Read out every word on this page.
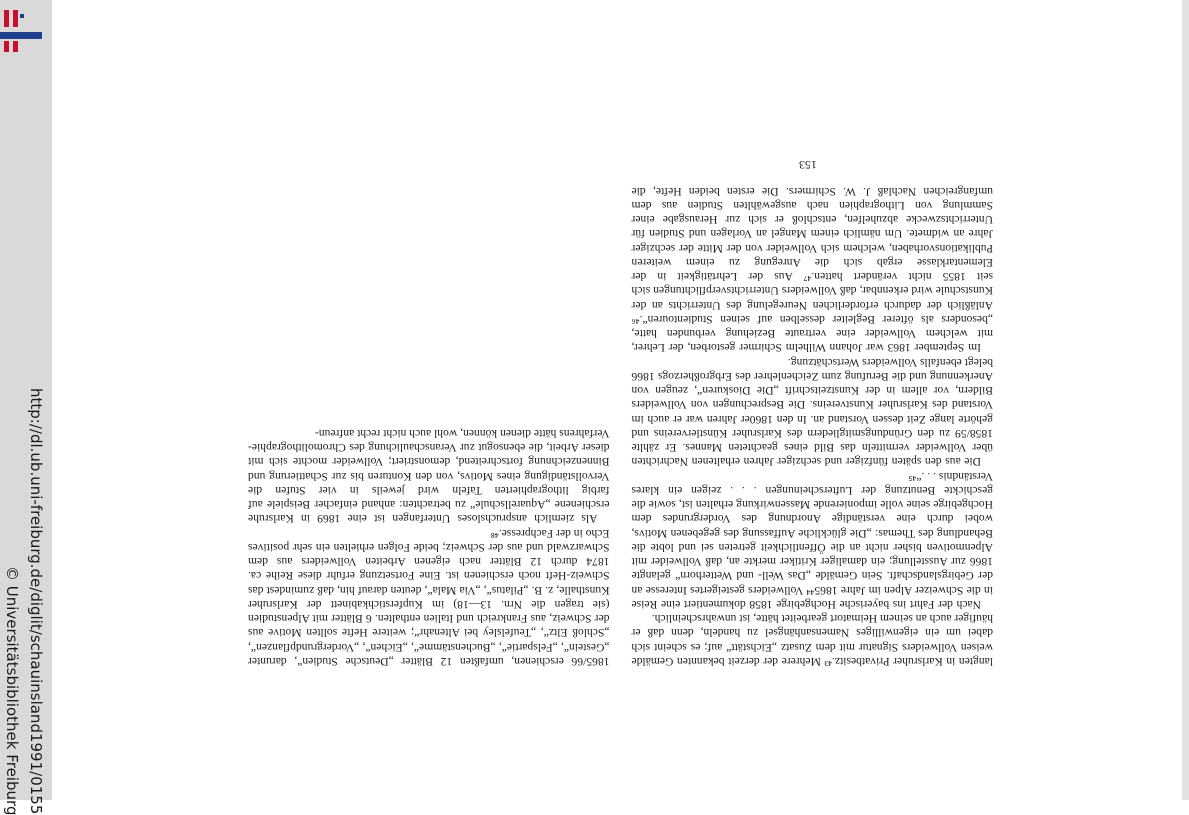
http://dl.ub.uni-freiburg.de/diglit/schauinsland1991/0155
© Universitätsbibliothek Freiburg	langten in Karlsruher Privatbesitz.⁴³ Mehrere der derzeit bekannten Gemälde weisen Vollweiders Signatur mit dem Zusatz „Eichstätt“ auf; es scheint sich dabei um ein eigenwilliges Namensanhängsel zu handeln, denn daß er häufiger auch an seinem Heimatort gearbeitet hätte, ist unwahrscheinlich.

Nach der Fahrt ins bayerische Hochgebirge 1858 dokumentiert eine Reise in die Schweizer Alpen im Jahre 1865⁴⁴ Vollweiders gesteigertes Interesse an der Gebirgslandschaft. Sein Gemälde „Das Well- und Wetterhorn“ gelangte 1866 zur Ausstellung; ein damaliger Kritiker merkte an, daß Vollweider mit Alpenmotiven bisher nicht an die Öffentlichkeit getreten sei und lobte die Behandlung des Themas: „Die glückliche Auffassung des gegebenen Motivs, wobei durch eine verständige Anordnung des Vordergrundes dem Hochgebirge seine volle imponierende Massenwirkung erhalten ist, sowie die geschickte Benutzung der Lufterscheinungen . . . zeigen ein klares Verständnis . . .“⁴⁵

Die aus den späten fünfziger und sechziger Jahren erhaltenen Nachrichten über Vollweider vermitteln das Bild eines geachteten Mannes. Er zählte 1858/59 zu den Gründungsmitgliedern des Karlsruher Künstlervereins und gehörte lange Zeit dessen Vorstand an. In den 1860er Jahren war er auch im Vorstand des Karlsruher Kunstvereins. Die Besprechungen von Vollweiders Bildern, vor allem in der Kunstzeitschrift „Die Dioskuren“, zeugen von Anerkennung und die Berufung zum Zeichenlehrer des Erbgroßherzogs 1866 belegt ebenfalls Vollweiders Wertschätzung.

Im September 1863 war Johann Wilhelm Schirmer gestorben, der Lehrer, mit welchem Vollweider eine vertraute Beziehung verbunden hatte, „besonders als öfterer Begleiter desselben auf seinen Studientouren“.⁴⁶ Anläßlich der dadurch erforderlichen Neuregelung des Unterrichts an der Kunstschule wird erkennbar, daß Vollweiders Unterrichtsverpflichtungen sich seit 1855 nicht verändert hatten.⁴⁷ Aus der Lehrtätigkeit in der Elementarklasse ergab sich die Anregung zu einem weiteren Publikationsvorhaben, welchem sich Vollweider von der Mitte der sechziger Jahre an widmete. Um nämlich einem Mangel an Vorlagen und Studien für Unterrichtszwecke abzuhelfen, entschloß er sich zur Herausgabe einer Sammlung von Lithographien nach ausgewählten Studien aus dem umfangreichen Nachlaß J. W. Schirmers. Die ersten beiden Hefte, die 1865/66 erschienen, umfaßten 12 Blätter „Deutsche Studien“, darunter „Gestein“, „Felspartie“, „Buchenstämme“, „Eichen“, „Vordergrundpflanzen“, „Schloß Eltz“, „Teufelsley bei Altenahr“; weitere Hefte sollten Motive aus der Schweiz, aus Frankreich und Italien enthalten. 6 Blätter mit Alpenstudien (sie tragen die Nrn. 13—18) im Kupferstichkabinett der Karlsruher Kunsthalle, z. B. „Pilatus“, „Via Mala“, deuten darauf hin, daß zumindest das Schweiz-Heft noch erschienen ist. Eine Fortsetzung erfuhr diese Reihe ca. 1874 durch 12 Blätter nach eigenen Arbeiten Vollweiders aus dem Schwarzwald und aus der Schweiz; beide Folgen erhielten ein sehr positives Echo in der Fachpresse.⁴⁸

Als ziemlich anspruchsloses Unterfangen ist eine 1869 in Karlsruhe erschienene „Aquarellschule“ zu betrachten: anhand einfacher Beispiele auf farbig lithographierten Tafeln wird jeweils in vier Stufen die Vervollständigung eines Motivs, von den Konturen bis zur Schattierung und Binnenzeichnung fortschreitend, demonstriert; Vollweider mochte sich mit dieser Arbeit, die ebensogut zur Veranschaulichung des Chromolithographie-Verfahrens hätte dienen können, wohl auch nicht recht anfreun-

153
